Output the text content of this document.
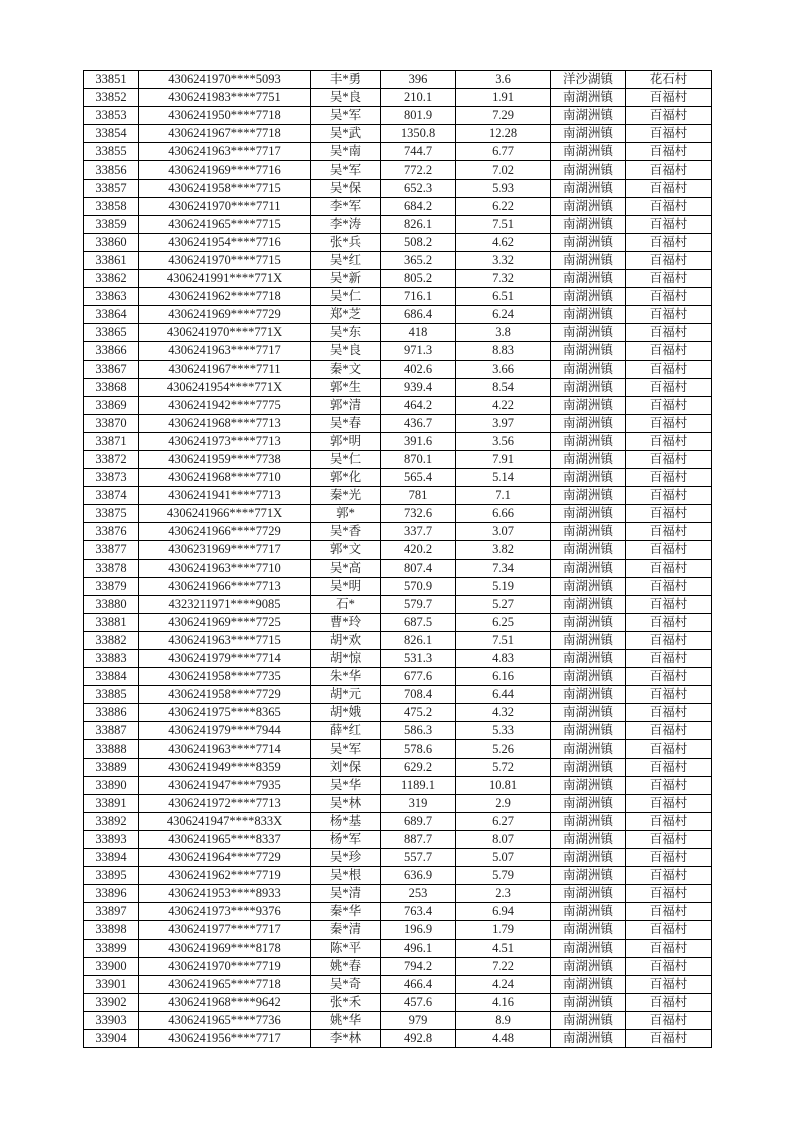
33851	4306241970****5093	丰*勇	396	3.6	洋沙湖镇	花石村
33852	4306241983****7751	吴*良	210.1	1.91	南湖洲镇	百福村
33853	4306241950****7718	吴*军	801.9	7.29	南湖洲镇	百福村
33854	4306241967****7718	吴*武	1350.8	12.28	南湖洲镇	百福村
33855	4306241963****7717	吴*南	744.7	6.77	南湖洲镇	百福村
33856	4306241969****7716	吴*军	772.2	7.02	南湖洲镇	百福村
33857	4306241958****7715	吴*保	652.3	5.93	南湖洲镇	百福村
33858	4306241970****7711	李*军	684.2	6.22	南湖洲镇	百福村
33859	4306241965****7715	李*涛	826.1	7.51	南湖洲镇	百福村
33860	4306241954****7716	张*兵	508.2	4.62	南湖洲镇	百福村
33861	4306241970****7715	吴*红	365.2	3.32	南湖洲镇	百福村
33862	4306241991****771X	吴*新	805.2	7.32	南湖洲镇	百福村
33863	4306241962****7718	吴*仁	716.1	6.51	南湖洲镇	百福村
33864	4306241969****7729	郑*芝	686.4	6.24	南湖洲镇	百福村
33865	4306241970****771X	吴*东	418	3.8	南湖洲镇	百福村
33866	4306241963****7717	吴*良	971.3	8.83	南湖洲镇	百福村
33867	4306241967****7711	秦*文	402.6	3.66	南湖洲镇	百福村
33868	4306241954****771X	郭*生	939.4	8.54	南湖洲镇	百福村
33869	4306241942****7775	郭*清	464.2	4.22	南湖洲镇	百福村
33870	4306241968****7713	吴*春	436.7	3.97	南湖洲镇	百福村
33871	4306241973****7713	郭*明	391.6	3.56	南湖洲镇	百福村
33872	4306241959****7738	吴*仁	870.1	7.91	南湖洲镇	百福村
33873	4306241968****7710	郭*化	565.4	5.14	南湖洲镇	百福村
33874	4306241941****7713	秦*光	781	7.1	南湖洲镇	百福村
33875	4306241966****771X	郭*	732.6	6.66	南湖洲镇	百福村
33876	4306241966****7729	吴*香	337.7	3.07	南湖洲镇	百福村
33877	4306231969****7717	郭*文	420.2	3.82	南湖洲镇	百福村
33878	4306241963****7710	吴*高	807.4	7.34	南湖洲镇	百福村
33879	4306241966****7713	吴*明	570.9	5.19	南湖洲镇	百福村
33880	4323211971****9085	石*	579.7	5.27	南湖洲镇	百福村
33881	4306241969****7725	曹*玲	687.5	6.25	南湖洲镇	百福村
33882	4306241963****7715	胡*欢	826.1	7.51	南湖洲镇	百福村
33883	4306241979****7714	胡*惊	531.3	4.83	南湖洲镇	百福村
33884	4306241958****7735	朱*华	677.6	6.16	南湖洲镇	百福村
33885	4306241958****7729	胡*元	708.4	6.44	南湖洲镇	百福村
33886	4306241975****8365	胡*娥	475.2	4.32	南湖洲镇	百福村
33887	4306241979****7944	薛*红	586.3	5.33	南湖洲镇	百福村
33888	4306241963****7714	吴*军	578.6	5.26	南湖洲镇	百福村
33889	4306241949****8359	刘*保	629.2	5.72	南湖洲镇	百福村
33890	4306241947****7935	吴*华	1189.1	10.81	南湖洲镇	百福村
33891	4306241972****7713	吴*林	319	2.9	南湖洲镇	百福村
33892	4306241947****833X	杨*基	689.7	6.27	南湖洲镇	百福村
33893	4306241965****8337	杨*军	887.7	8.07	南湖洲镇	百福村
33894	4306241964****7729	吴*珍	557.7	5.07	南湖洲镇	百福村
33895	4306241962****7719	吴*根	636.9	5.79	南湖洲镇	百福村
33896	4306241953****8933	吴*清	253	2.3	南湖洲镇	百福村
33897	4306241973****9376	秦*华	763.4	6.94	南湖洲镇	百福村
33898	4306241977****7717	秦*清	196.9	1.79	南湖洲镇	百福村
33899	4306241969****8178	陈*平	496.1	4.51	南湖洲镇	百福村
33900	4306241970****7719	姚*春	794.2	7.22	南湖洲镇	百福村
33901	4306241965****7718	吴*奇	466.4	4.24	南湖洲镇	百福村
33902	4306241968****9642	张*禾	457.6	4.16	南湖洲镇	百福村
33903	4306241965****7736	姚*华	979	8.9	南湖洲镇	百福村
33904	4306241956****7717	李*林	492.8	4.48	南湖洲镇	百福村
